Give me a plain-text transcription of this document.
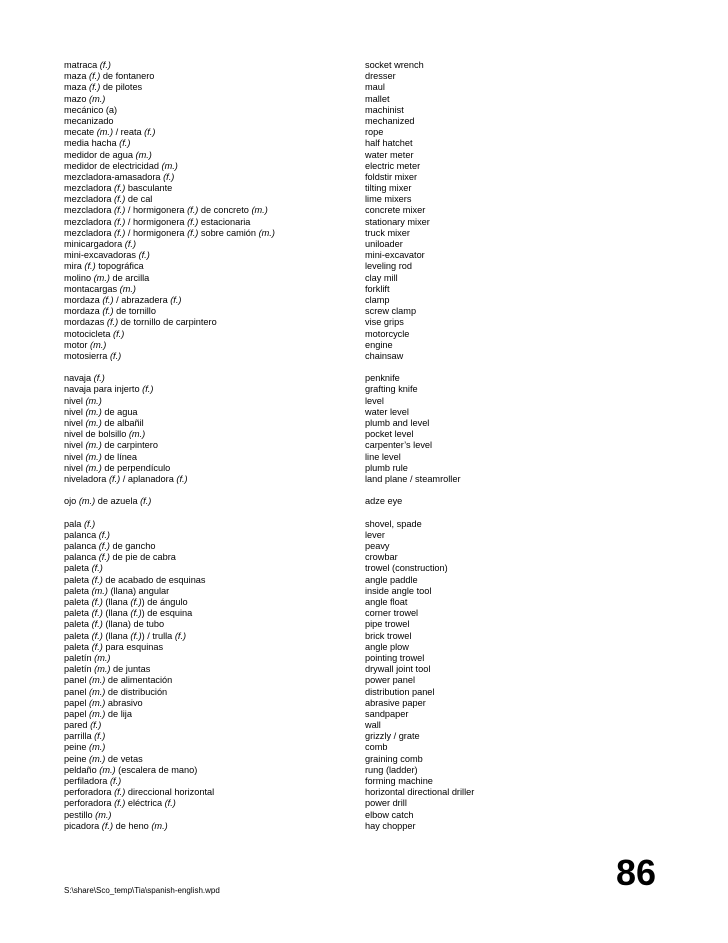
matraca (f.)	socket wrench
maza (f.) de fontanero	dresser
maza (f.) de pilotes	maul
mazo (m.)	mallet
mecánico (a)	machinist
mecanizado	mechanized
mecate (m.) / reata (f.)	rope
media hacha (f.)	half hatchet
medidor de agua (m.)	water meter
medidor de electricidad (m.)	electric meter
mezcladora-amasadora (f.)	foldstir mixer
mezcladora (f.) basculante	tilting mixer
mezcladora (f.) de cal	lime mixers
mezcladora (f.) / hormigonera (f.) de concreto (m.)	concrete mixer
mezcladora (f.) / hormigonera (f.) estacionaria	stationary mixer
mezcladora (f.) / hormigonera (f.) sobre camión (m.)	truck mixer
minicargadora (f.)	uniloader
mini-excavadoras (f.)	mini-excavator
mira (f.) topográfica	leveling rod
molino (m.) de arcilla	clay mill
montacargas (m.)	forklift
mordaza (f.) / abrazadera (f.)	clamp
mordaza (f.) de tornillo	screw clamp
mordazas (f.) de tornillo de carpintero	vise grips
motocicleta (f.)	motorcycle
motor (m.)	engine
motosierra (f.)	chainsaw
navaja (f.)	penknife
navaja para injerto (f.)	grafting knife
nivel (m.)	level
nivel (m.) de agua	water level
nivel (m.) de albañil	plumb and level
nivel de bolsillo (m.)	pocket level
nivel (m.) de carpintero	carpenter’s level
nivel (m.) de línea	line level
nivel (m.) de perpendículo	plumb rule
niveladora (f.) / aplanadora (f.)	land plane / steamroller
ojo (m.) de azuela (f.)	adze eye
pala (f.)	shovel, spade
palanca (f.)	lever
palanca (f.) de gancho	peavy
palanca (f.) de pie de cabra	crowbar
paleta (f.)	trowel (construction)
paleta (f.) de acabado de esquinas	angle paddle
paleta (m.) (llana) angular	inside angle tool
paleta (f.) (llana (f.)) de ángulo	angle float
paleta (f.) (llana (f.)) de esquina	corner trowel
paleta (f.) (llana) de tubo	pipe trowel
paleta (f.) (llana (f.)) / trulla (f.)	brick trowel
paleta (f.) para esquinas	angle plow
paletín (m.)	pointing trowel
paletín (m.) de juntas	drywall joint tool
panel (m.) de alimentación	power panel
panel (m.) de distribución	distribution panel
papel (m.) abrasivo	abrasive paper
papel (m.) de lija	sandpaper
pared (f.)	wall
parrilla (f.)	grizzly / grate
peine (m.)	comb
peine (m.) de vetas	graining comb
peldaño (m.) (escalera de mano)	rung (ladder)
perfiladora (f.)	forming machine
perforadora (f.) direccional horizontal	horizontal directional driller
perforadora (f.) eléctrica (f.)	power drill
pestillo (m.)	elbow catch
picadora (f.) de heno (m.)	hay chopper
S:\share\Sco_temp\Tia\spanish-english.wpd	86
